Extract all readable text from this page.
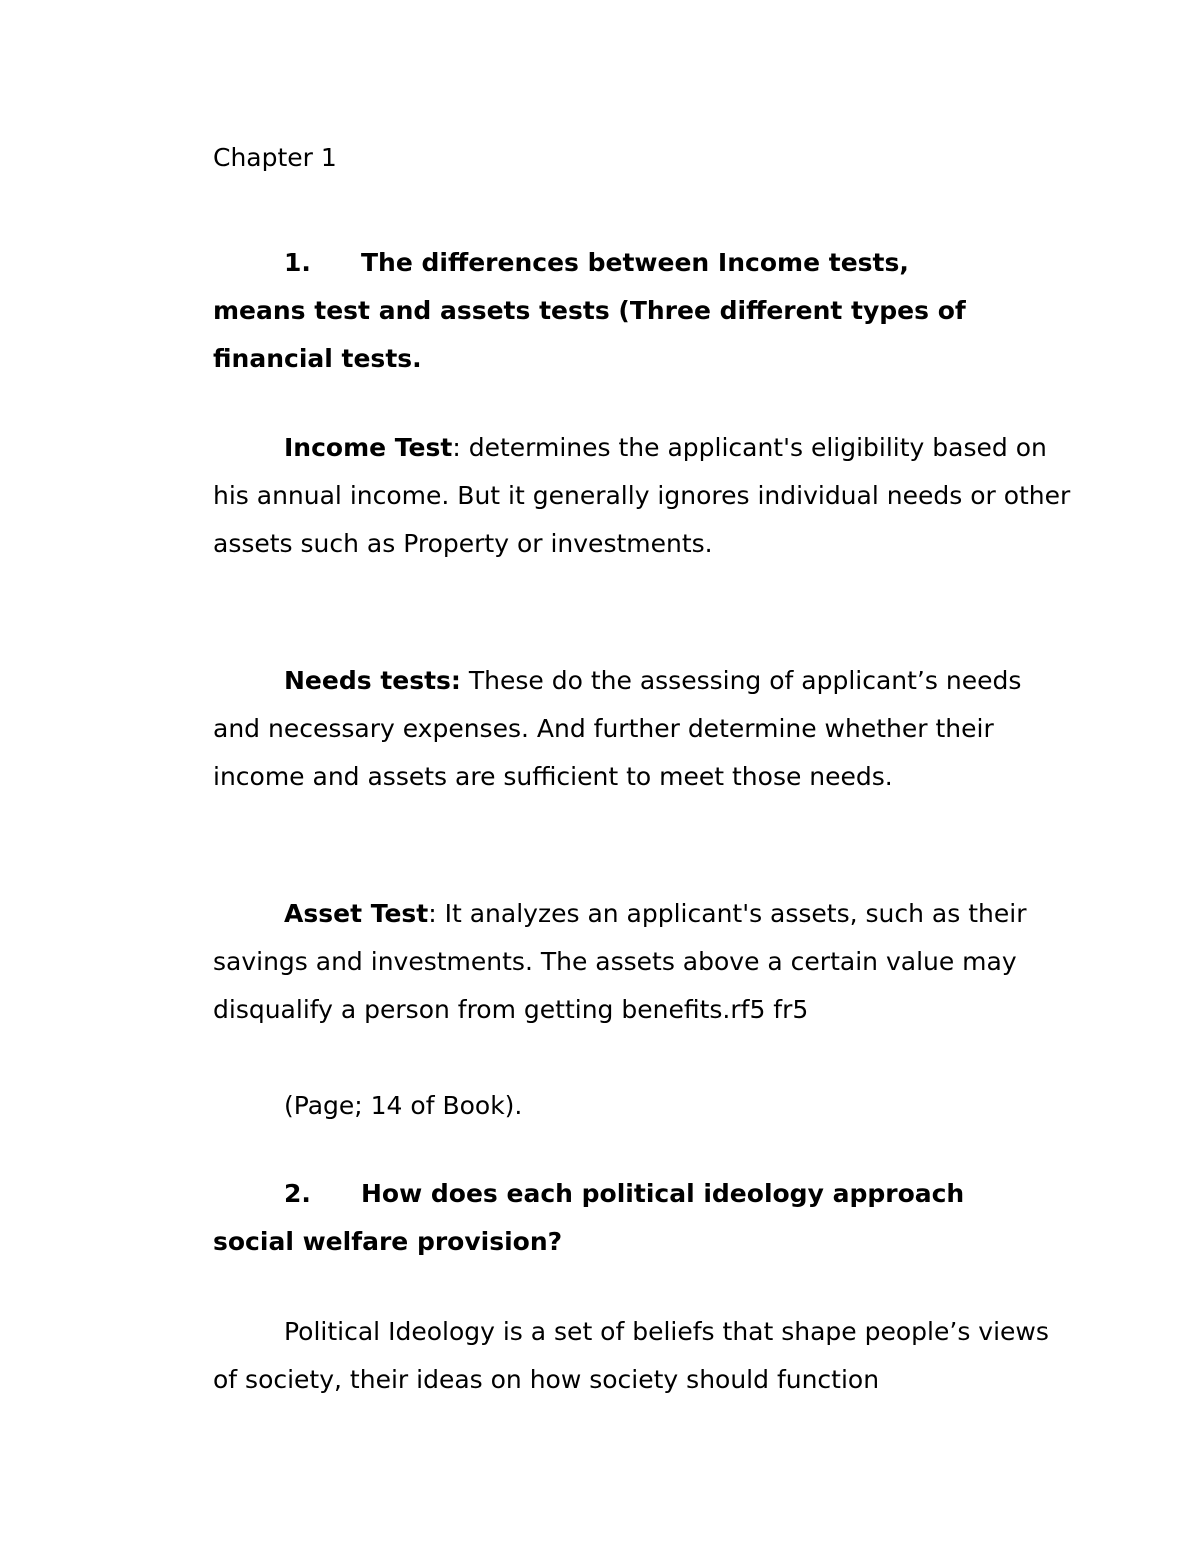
Chapter 1

1. The differences between Income tests,

means test and assets tests (Three different types of financial tests.

Income Test: determines the applicant's eligibility based on his annual income. But it generally ignores individual needs or other assets such as Property or investments.

Needs tests: These do the assessing of applicant’s needs and necessary expenses. And further determine whether their income and assets are sufficient to meet those needs.

Asset Test: It analyzes an applicant's assets, such as their savings and investments. The assets above a certain value may disqualify a person from getting benefits.rf5 fr5

(Page; 14 of Book).

2. How does each political ideology approach

social welfare provision?

Political Ideology is a set of beliefs that shape people’s views of society, their ideas on how society should function
